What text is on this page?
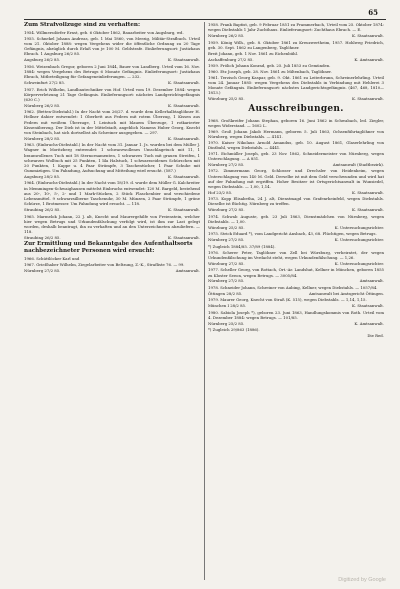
65
Zum Strafvollzuge sind zu verhaften:
1954. Willmersdörfer Ernst, geb. 6 Oktober 1862, Bauarbeiter von Augsburg, wd.
1955. Schnekel Johann Andreas, geb. 1 Mai 1860, von Merzig, Militär-Strafbuch. Urteil vom 21. Oktober 1888: wegen Vergehens wider die öffentliche Ordnung zu 20 Tage Gefängnis, abzüglich durch Erlaß von je 100 M. Geldstrafe. Einlieferungsort: Justizhaus Ebrach. 1 Augsburg 26/2 85.
Augsburg 26/2 85.	K. Staatsanwalt.
1956. Weizenbach Gregor, geboren 2 Juni 1844, Bauer von Landberg. Urteil vom 16. Nov. 1884: wegen Vergehens des Betrugs 6 Monate Gefängnis. Einlieferungsort: Justizhaus Ebrach, Mitbeteiligung für Gefangeneinlieferungen. — 232.
Schweinfurt 27/2 85.	K. Staatsanwalt.
1957. Erich Wilhelm, Landbautechniker von Hof. Urteil vom 19. Dezember 1884: wegen Körperverletzung 21 Tage Gefängnis. Einlieferungsort: nächstes Landgerichtsgefängnis (630 C.)
Nürnberg 26/2 85.	K. Staatsanwalt.
1962. (Betten-Diebstahl.) In der Nacht vom 26/27. d. wurde dem Kellerhalbtaglöhner H. Hellner dahier entwendet: 1 Oberbett aus Federn mit rotem Überzug, 1 Kissen aus Federn mit weißem Überzuge, 1 Leintuch mit blauem Überzuge, 1 rotkarierter Kissenüberzug. Der Dieb ist in der Mittelstadt, angeblich Namens Huber Georg, Knecht von Steinbach, hat sich dortselbst als Schreiner ausgegeben. — 297.
Nürnberg 28/2 85.	K. Staatsanwalt.
1963. (Einbruchs-Diebstahl.) In der Nacht vom 31. Januar 1. Js. wurden bei dem Müller J. Wagner in Moritzberg entwendet: 1 schwarzwollenes Umschlagetuch mit 11, 1 braunwollenes Tuch mit 18 Sternornamenten, 1 schwarzes Tuch mit grauen Streifen, 1 schwarzes Wolltuch mit 25 Punkten, 1 lila Halstuch, 1 schwarzseidenes Schürzchen mit 20 Punkten, 1 Kappe u. 4 Paar Strümpfe, 3 Taschentücher, 1 Paar Schuhe mit Gummizügen. Um Fahndung, Aufsuchung und Mitteilung wird ersucht. (587.)
Augsburg 28/2 85.	K. Staatsanwalt.
1964. (Einbruchs-Diebstahl.) In der Nacht vom 18/19. d. wurde dem Müller G. Kalchreiter in Memmingen-Schwaighausen mittelst Einbruchs entwendet: 120 M. Bargeld, bestehend aus 20-, 10-, 5-, 2- und 1 Mark-Stücken, 2 Stück Flaschenbier und verschiedene Lebensmittel. 9 schwarzsilberne Taschenuhr, 30 M. Münzen, 2 Paar Strümpfe, 1 grüne Schürze, 1 Brotmesser. Um Fahndung wird ersucht. — 118.
Straubing 26/2 85.	K. Staatsanwalt.
1965. Marmelok Johann, 22 J. alt, Knecht und Maurergehilfe von Freienstein, welcher hier wegen Betrugs und Urkundenfälschung verfolgt wird, ist ihm zur Last gelegt worden, deshalb beantragt, ihn zu verhaften und an den Unterzeichneten abzuliefern. — 118.
Straubing 26/2 85.	K. Staatsanwalt.
Zur Ermittlung und Bekanntgabe des Aufenthaltsorts nachbezeichneter Personen wird ersucht:
1966. Schüttlöcker Karl und
1967. Grießhaber Wilhelm, Ziegelarbeiter von Beltzung, Z.-K., Strafliste 76. — 99.
Nürnberg 27/2 85.	Amtsanwalt.
1958. Frank Baptist, geb. 9 Februar 1851 zu Frammerbach, Urteil vom 25. Oktober 1874: wegen Diebstahls 1 Jahr Zuchthaus. Einlieferungsort: Zuchthaus Ebrach. — E.
Nürnberg 26/2 85.	K. Staatsanwalt.
1959. König Wilh., geb. 8. Oktober 1861 zu Kreuzwertheim, 1957. Hohlweg Friedrich, geb. 30. Sept. 1862 zu Langenberg, Taglöhner.
Breit Johann, geb. 1 Nov. 1861 zu Eichenbühl.
Aschaffenburg 27/2 85.	K. Amtsanwalt.
1959. Frölich Johann Konrad, geb. 25. Juli 1853 zu Gemünden.
1960. Etz Joseph, geb. 28. Nov. 1861 zu Miltenbach, Taglöhner.
1961. Terzisch Georg Kaspar, geb. 9. Okt. 1861 zu Leiterbrunn, Schreinerlehrling. Urteil vom 24. Januar 1885: wegen Vergehens des Diebstahls in Verbindung mit Hehlerei 3 Monate Gefängnis. Einlieferungsort: nächstes Landgerichtsgefängnis. (467, 468, 1810—1813.)
Würzburg 25/2 85.	K. Staatsanwalt.
Ausschreibungen.
1968. Großkreifer Johann Stephan, geboren 16. Juni 1862 in Schwabach, led. Ziegler, wegen Widerstand. — 1602 L.
1969. Groß Johann Jakob Hermann, geboren 5. Juli 1863, Ochsenführtaglöhner von Nürnberg, wegen Diebstahls. — 4141.
1970. Kaiser Nikolaus Arnold Amandus, geb. 10. August 1861, Glaserlehrling von Dintbuhl, wegen Diebstahls. — 4441.
1971. Eichmüller Joseph, geb. 23 Nov. 1862, Schneidermeister von Nürnberg, wegen Unterschlagung. — A 851.
Nürnberg 27/2 85.	Amtsanwalt (Stadtbezirk).
1972. Zimmermann Georg, Schlosser und Drechsler von Heidenheim, wegen Unterschlagung von 140 M. Geld. Derselbe ist mit dem Geld verschwunden und wird hat auf der Fahndung mit ergriffen. Hoher Besitzer ist Ortsgerichtsanwalt in Wunsiedel, wegen Diebstahls. — 1,00, 1,14.
Hof 23/2 85.	K. Staatsanwalt.
1973. Kopp Elisabetha, 24 J. alt, Dienstmagd von Grafenrheinfeld, wegen Diebstahls. Dieselbe ist flüchtig. Nürnberg zu treffen.
Würzburg 27/2 85.	K. Staatsanwalt.
1974. Schwab Auguste, geb. 23 Juli 1863, Dienstmädchen von Nürnberg, wegen Diebstahls. — 1,00.
Würzburg 25/2 85.	K. Untersuchungsrichter.
1975. Strick Eduard *), vom Landgericht Ansbach, 43, 68. Flüchtigen, wegen Betrugs.
Nürnberg 27/2 85.	K. Untersuchungsrichter.
*) Zugleich 1884/85. 37/89 (1884).
1976. Scherer Peter, Taglöhner von Zell bei Würzburg, verheiratet, der wegen Urkundenfälschung im Verdacht steht, wegen Urkundenfälschung. — 1,26.
Würzburg 27/2 85.	K. Untersuchungsrichter.
1977. Scheller Georg, von Rottach, Ort.-Ar. Landshut, Kellner in München, geboren 1855 zu Kloster Seeon, wegen Betrugs. — 3005/84.
Nürnberg 27/2 85.	Amtsanwalt.
1978. Schneider Johann, Schreiner von Aubing, Kellner, wegen Diebstahls. — 1057/84.
Öttingen 28/2 85.	Amtsanwalt bei Amtsgericht Öttingen.
1979. Maurer Georg, Knecht von Straß (K. 515), wegen Diebstahls. — 1,14, 1,15.
München I 28/2 85.	K. Staatsanwalt.
1980. Sabiola Joseph *), geboren 23. Juni 1863, Handlungskommis von Roth. Urteil vom 4. Dezember 1884: wegen Betrugs. — 101/85.
Nürnberg 25/2 85.	K. Amtsanwalt.
*) Zugleich 29/863 (1886).
Die Red.
Digitized by Google
